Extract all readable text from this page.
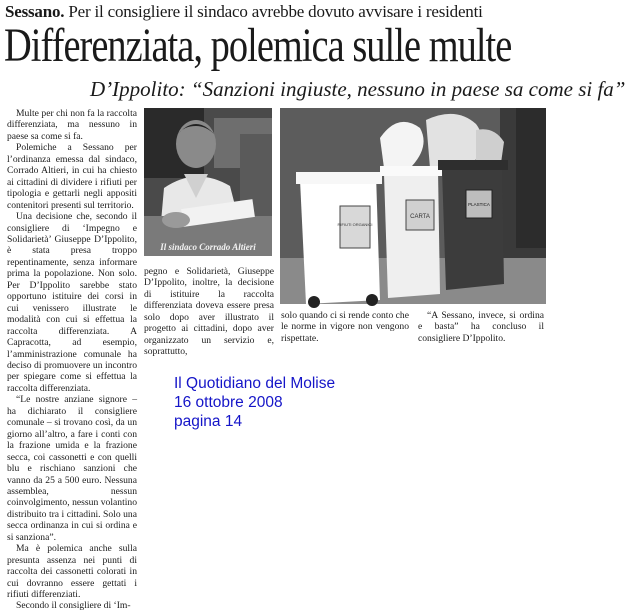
Sessano. Per il consigliere il sindaco avrebbe dovuto avvisare i residenti
Differenziata, polemica sulle multe
D’Ippolito: “Sanzioni ingiuste, nessuno in paese sa come si fa”

Multe per chi non fa la raccolta differenziata, ma nessuno in paese sa come si fa.

Polemiche a Sessano per l’ordinanza emessa dal sindaco, Corrado Altieri, in cui ha chiesto ai cittadini di dividere i rifiuti per tipologia e gettarli negli appositi contenitori presenti sul territorio.

Una decisione che, secondo il consigliere di ‘Impegno e Solidarietà’ Giuseppe D’Ippolito, è stata presa troppo repentinamente, senza informare prima la popolazione. Non solo. Per D’Ippolito sarebbe stato opportuno istituire dei corsi in cui venissero illustrate le modalità con cui si effettua la raccolta differenziata. A Capracotta, ad esempio, l’amministrazione comunale ha deciso di promuovere un incontro per spiegare come si effettua la raccolta differenziata.

“Le nostre anziane signore – ha dichiarato il consigliere comunale – si trovano così, da un giorno all’altro, a fare i conti con la frazione umida e la frazione secca, coi cassonetti e con quelli blu e rischiano sanzioni che vanno da 25 a 500 euro. Nessuna assemblea, nessun coinvolgimento, nessun volantino distribuito tra i cittadini. Solo una secca ordinanza in cui si ordina e si sanziona”.

Ma è polemica anche sulla presunta assenza nei punti di raccolta dei cassonetti colorati in cui dovranno essere gettati i rifiuti differenziati.

Secondo il consigliere di ‘Im-

Il sindaco Corrado Altieri
RIFIUTI ORGANICI
CARTA
PLASTICA

pegno e Solidarietà, Giuseppe D’Ippolito, inoltre, la decisione di istituire la raccolta differenziata doveva essere presa solo dopo aver illustrato il progetto ai cittadini, dopo aver organizzato un servizio e, soprattutto,

solo quando ci si rende conto che le norme in vigore non vengono rispettate.

“A Sessano, invece, si ordina e basta” ha concluso il consigliere D’Ippolito.

Il Quotidiano del Molise
16 ottobre 2008
pagina 14
